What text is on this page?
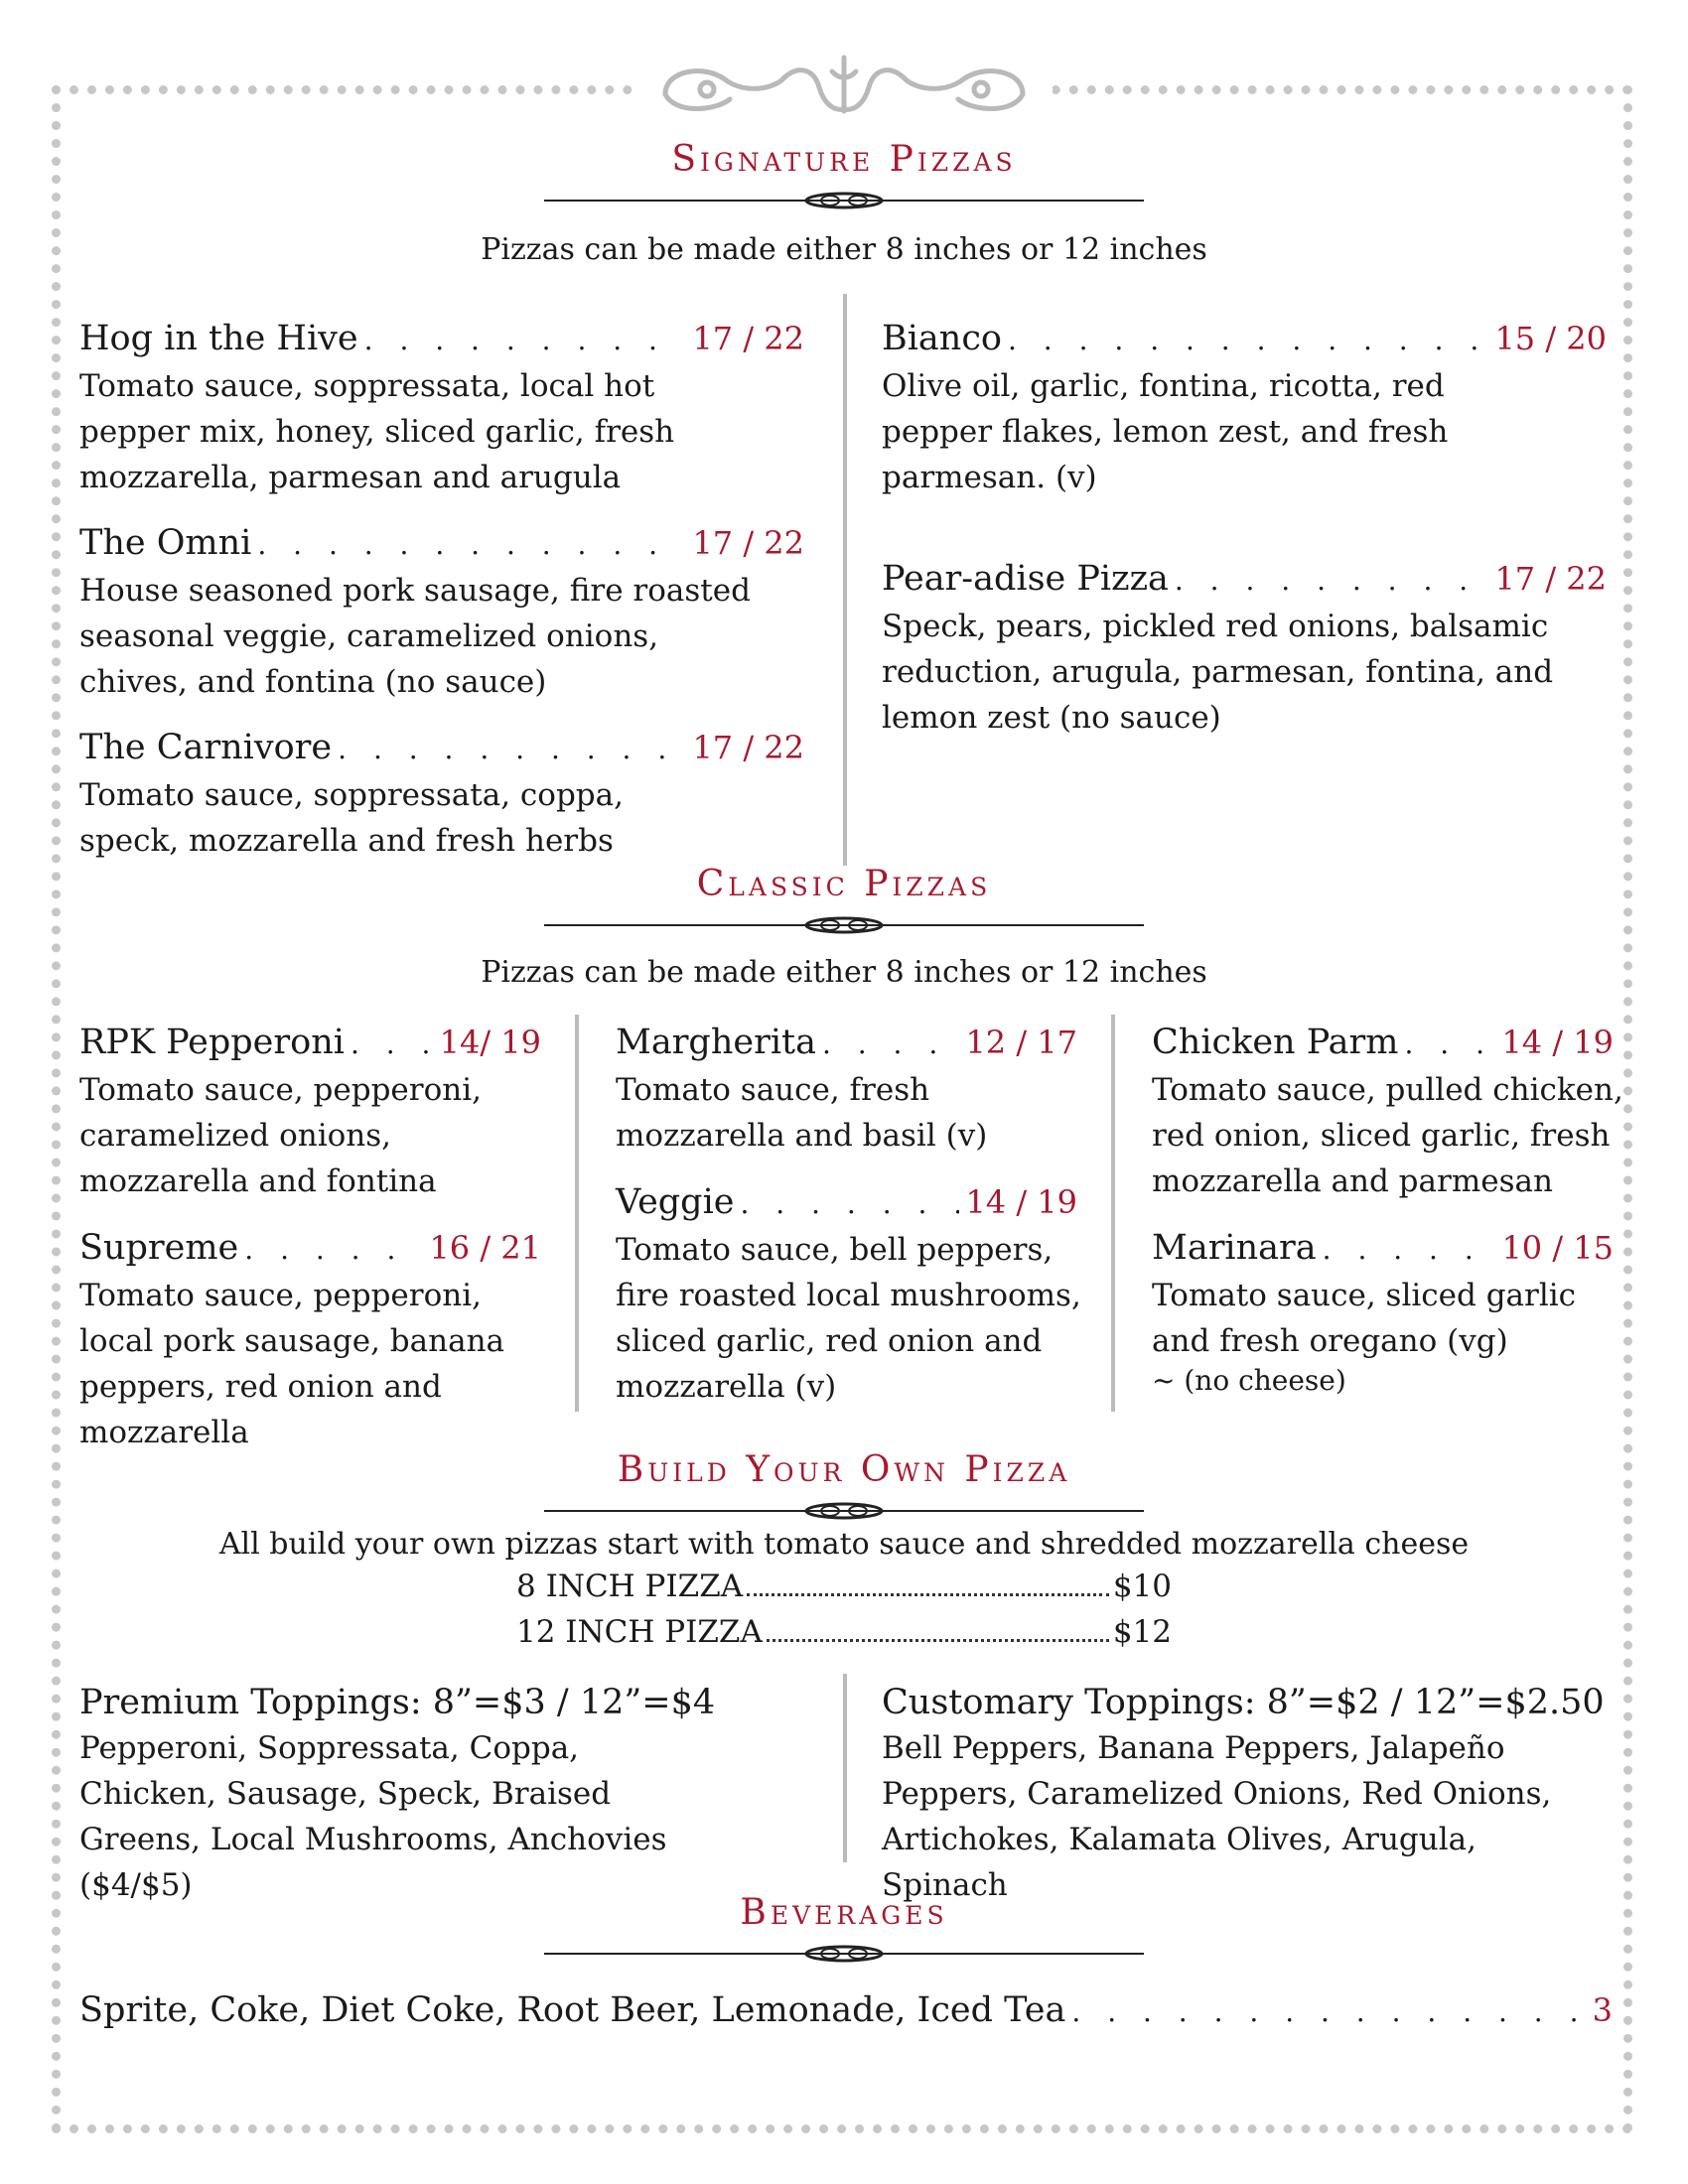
Signature Pizzas
Pizzas can be made either 8 inches or 12 inches
Hog in the Hive . . .	17 / 22
Tomato sauce, soppressata, local hot pepper mix, honey, sliced garlic, fresh mozzarella, parmesan and arugula
The Omni . . .	17 / 22
House seasoned pork sausage, fire roasted seasonal veggie, caramelized onions, chives, and fontina (no sauce)
The Carnivore . . .	17 / 22
Tomato sauce, soppressata, coppa, speck, mozzarella and fresh herbs
Bianco . . .	15 / 20
Olive oil, garlic, fontina, ricotta, red pepper flakes, lemon zest, and fresh parmesan. (v)
Pear-adise Pizza . . .	17 / 22
Speck, pears, pickled red onions, balsamic reduction, arugula, parmesan, fontina, and lemon zest (no sauce)
Classic Pizzas
Pizzas can be made either 8 inches or 12 inches
RPK Pepperoni . . .	14/ 19
Tomato sauce, pepperoni, caramelized onions, mozzarella and fontina
Supreme . . .	16 / 21
Tomato sauce, pepperoni, local pork sausage, banana peppers, red onion and mozzarella
Margherita . . .	12 / 17
Tomato sauce, fresh mozzarella and basil (v)
Veggie . . .	14 / 19
Tomato sauce, bell peppers, fire roasted local mushrooms, sliced garlic, red onion and mozzarella (v)
Chicken Parm . . .	14 / 19
Tomato sauce, pulled chicken, red onion, sliced garlic, fresh mozzarella and parmesan
Marinara . . .	10 / 15
Tomato sauce, sliced garlic and fresh oregano (vg)
~ (no cheese)
Build Your Own Pizza
All build your own pizzas start with tomato sauce and shredded mozzarella cheese
8 INCH PIZZA	$10
12 INCH PIZZA	$12
Premium Toppings: 8”=$3 / 12”=$4
Pepperoni, Soppressata, Coppa, Chicken, Sausage, Speck, Braised Greens, Local Mushrooms, Anchovies ($4/$5)
Customary Toppings: 8”=$2 / 12”=$2.50
Bell Peppers, Banana Peppers, Jalapeño Peppers, Caramelized Onions, Red Onions, Artichokes, Kalamata Olives, Arugula, Spinach
Beverages
Sprite, Coke, Diet Coke, Root Beer, Lemonade, Iced Tea . . .	3
